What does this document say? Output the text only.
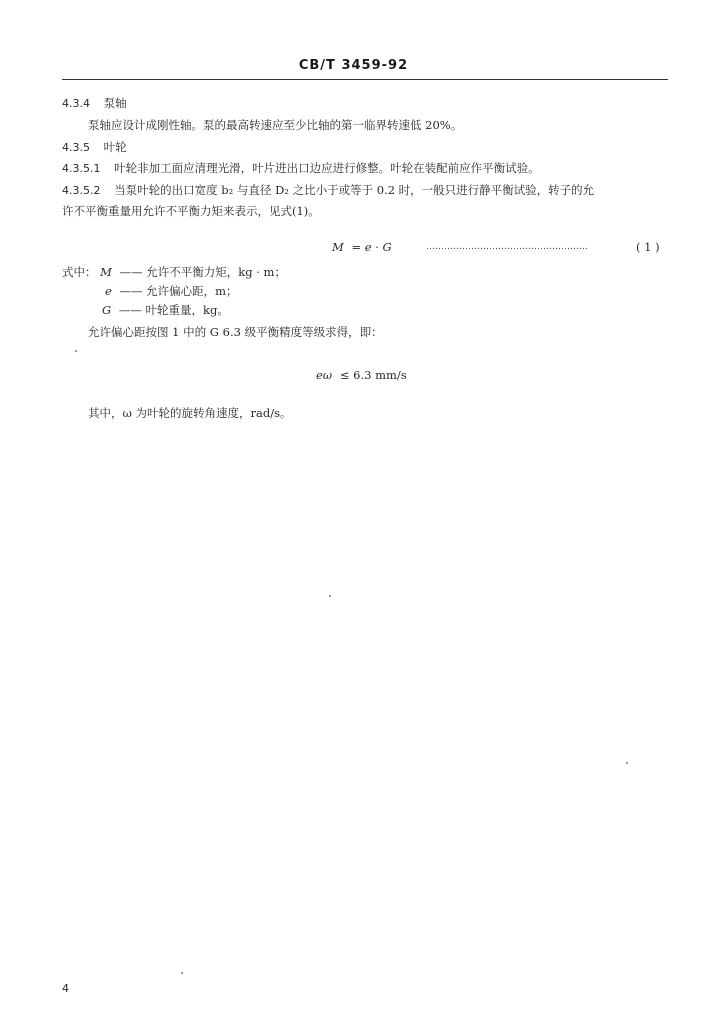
CB/T 3459-92
4.3.4 泵轴
泵轴应设计成刚性轴。泵的最高转速应至少比轴的第一临界转速低 20%。
4.3.5 叶轮
4.3.5.1 叶轮非加工面应清理光滑，叶片进出口边应进行修整。叶轮在装配前应作平衡试验。
4.3.5.2 当泵叶轮的出口宽度 b₂ 与直径 D₂ 之比小于或等于 0.2 时，一般只进行静平衡试验，转子的允
许不平衡重量用允许不平衡力矩来表示，见式(1)。
M = e · G	………………………………………………	( 1 )
式中： M —— 允许不平衡力矩，kg · m；
e —— 允许偏心距，m；
G —— 叶轮重量，kg。
允许偏心距按图 1 中的 G 6.3 级平衡精度等级求得，即：
eω ≤ 6.3 mm/s
其中，ω 为叶轮的旋转角速度，rad/s。
4
